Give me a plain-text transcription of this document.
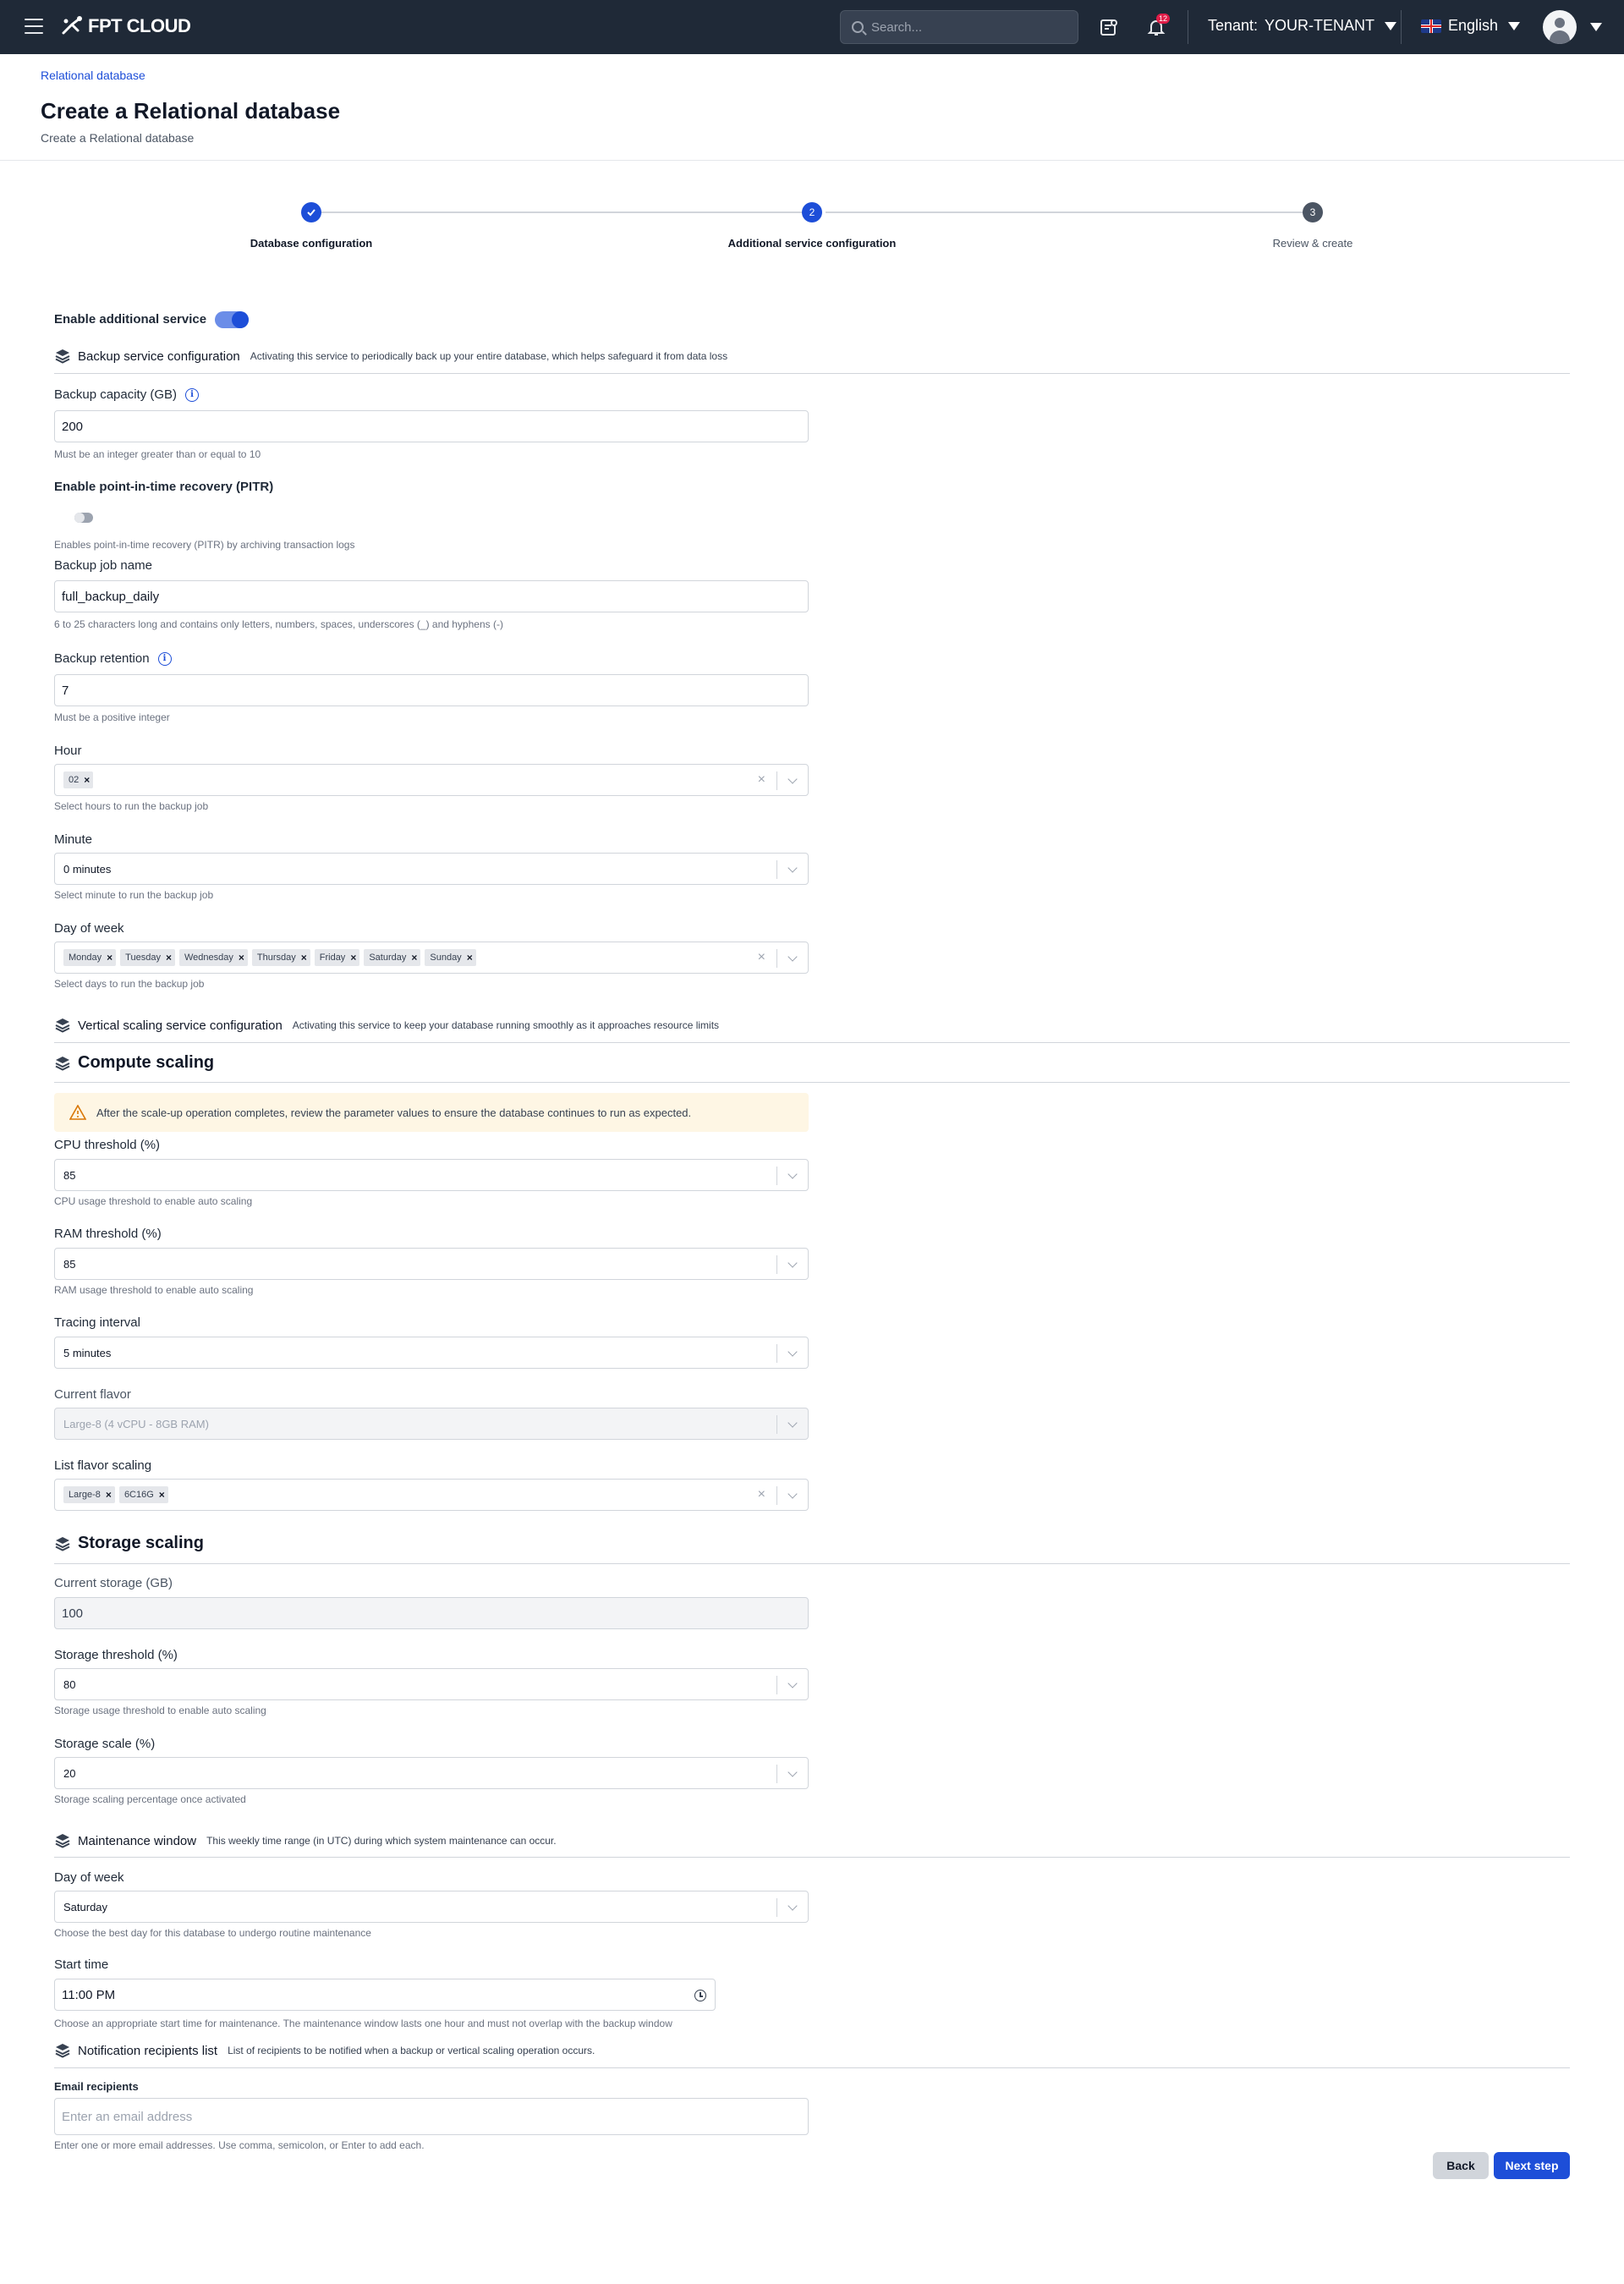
FPT CLOUD
Search...	12	Tenant: YOUR-TENANT	English
Relational database
Create a Relational database
Create a Relational database
2	3
Database configuration	Additional service configuration	Review & create
Enable additional service
Backup service configuration Activating this service to periodically back up your entire database, which helps safeguard it from data loss
Backup capacity (GB) i
200
Must be an integer greater than or equal to 10
Enable point-in-time recovery (PITR)
Enables point-in-time recovery (PITR) by archiving transaction logs
Backup job name
full_backup_daily
6 to 25 characters long and contains only letters, numbers, spaces, underscores (_) and hyphens (-)
Backup retention i
7
Must be a positive integer
Hour
02 ×	×
Select hours to run the backup job
Minute
0 minutes
Select minute to run the backup job
Day of week
Monday × Tuesday × Wednesday × Thursday × Friday × Saturday × Sunday ×	×
Select days to run the backup job
Vertical scaling service configuration Activating this service to keep your database running smoothly as it approaches resource limits
Compute scaling
After the scale-up operation completes, review the parameter values to ensure the database continues to run as expected.
CPU threshold (%)
85
CPU usage threshold to enable auto scaling
RAM threshold (%)
85
RAM usage threshold to enable auto scaling
Tracing interval
5 minutes
Current flavor
Large-8 (4 vCPU - 8GB RAM)
List flavor scaling
Large-8 × 6C16G ×	×
Storage scaling
Current storage (GB)
100
Storage threshold (%)
80
Storage usage threshold to enable auto scaling
Storage scale (%)
20
Storage scaling percentage once activated
Maintenance window This weekly time range (in UTC) during which system maintenance can occur.
Day of week
Saturday
Choose the best day for this database to undergo routine maintenance
Start time
11:00 PM
Choose an appropriate start time for maintenance. The maintenance window lasts one hour and must not overlap with the backup window
Notification recipients list List of recipients to be notified when a backup or vertical scaling operation occurs.
Email recipients
Enter an email address
Enter one or more email addresses. Use comma, semicolon, or Enter to add each.
Back	Next step
